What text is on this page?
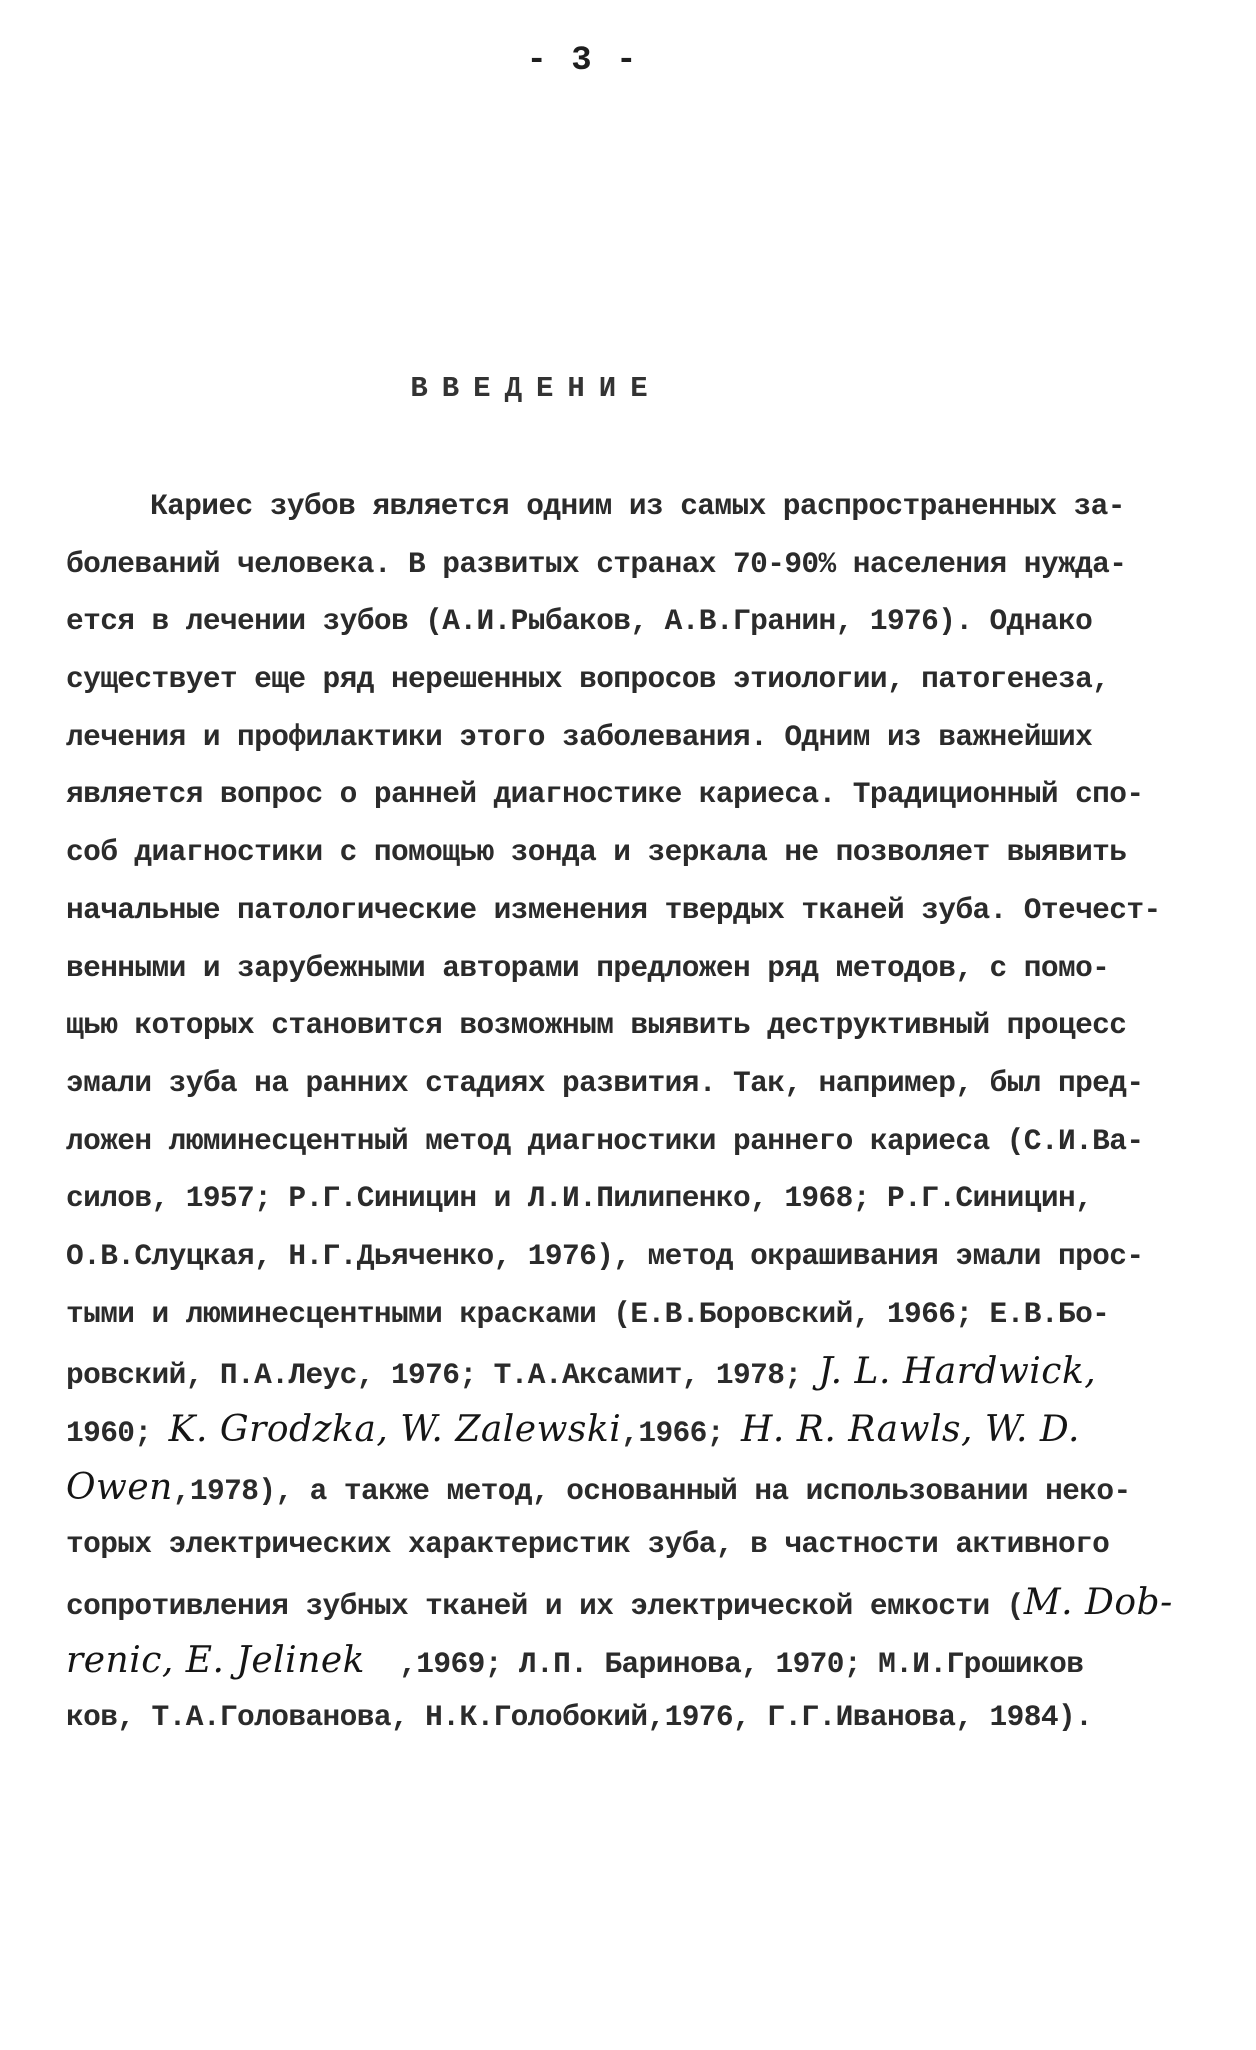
- 3 -
ВВЕДЕНИЕ
Кариес зубов является одним из самых распространенных за-
болеваний человека. В развитых странах 70-90% населения нужда-
ется в лечении зубов (А.И.Рыбаков, А.В.Гранин, 1976). Однако
существует еще ряд нерешенных вопросов этиологии, патогенеза,
лечения и профилактики этого заболевания. Одним из важнейших
является вопрос о ранней диагностике кариеса. Традиционный спо-
соб диагностики с помощью зонда и зеркала не позволяет выявить
начальные патологические изменения твердых тканей зуба. Отечест-
венными и зарубежными авторами предложен ряд методов, с помо-
щью которых становится возможным выявить деструктивный процесс
эмали зуба на ранних стадиях развития. Так, например, был пред-
ложен люминесцентный метод диагностики раннего кариеса (С.И.Ва-
силов, 1957; Р.Г.Синицин и Л.И.Пилипенко, 1968; Р.Г.Синицин,
О.В.Слуцкая, Н.Г.Дьяченко, 1976), метод окрашивания эмали прос-
тыми и люминесцентными красками (Е.В.Боровский, 1966; Е.В.Бо-
ровский, П.А.Леус, 1976; Т.А.Аксамит, 1978; J. L. Hardwick,
1960; K. Grodzka, W. Zalewski,1966; H. R. Rawls, W. D.
Owen,1978), а также метод, основанный на использовании неко-
торых электрических характеристик зуба, в частности активного
сопротивления зубных тканей и их электрической емкости (M. Dob-
renic, E. Jelinek  ,1969; Л.П. Баринова, 1970; М.И.Грошиков
ков, Т.А.Голованова, Н.К.Голобокий,1976, Г.Г.Иванова, 1984).
